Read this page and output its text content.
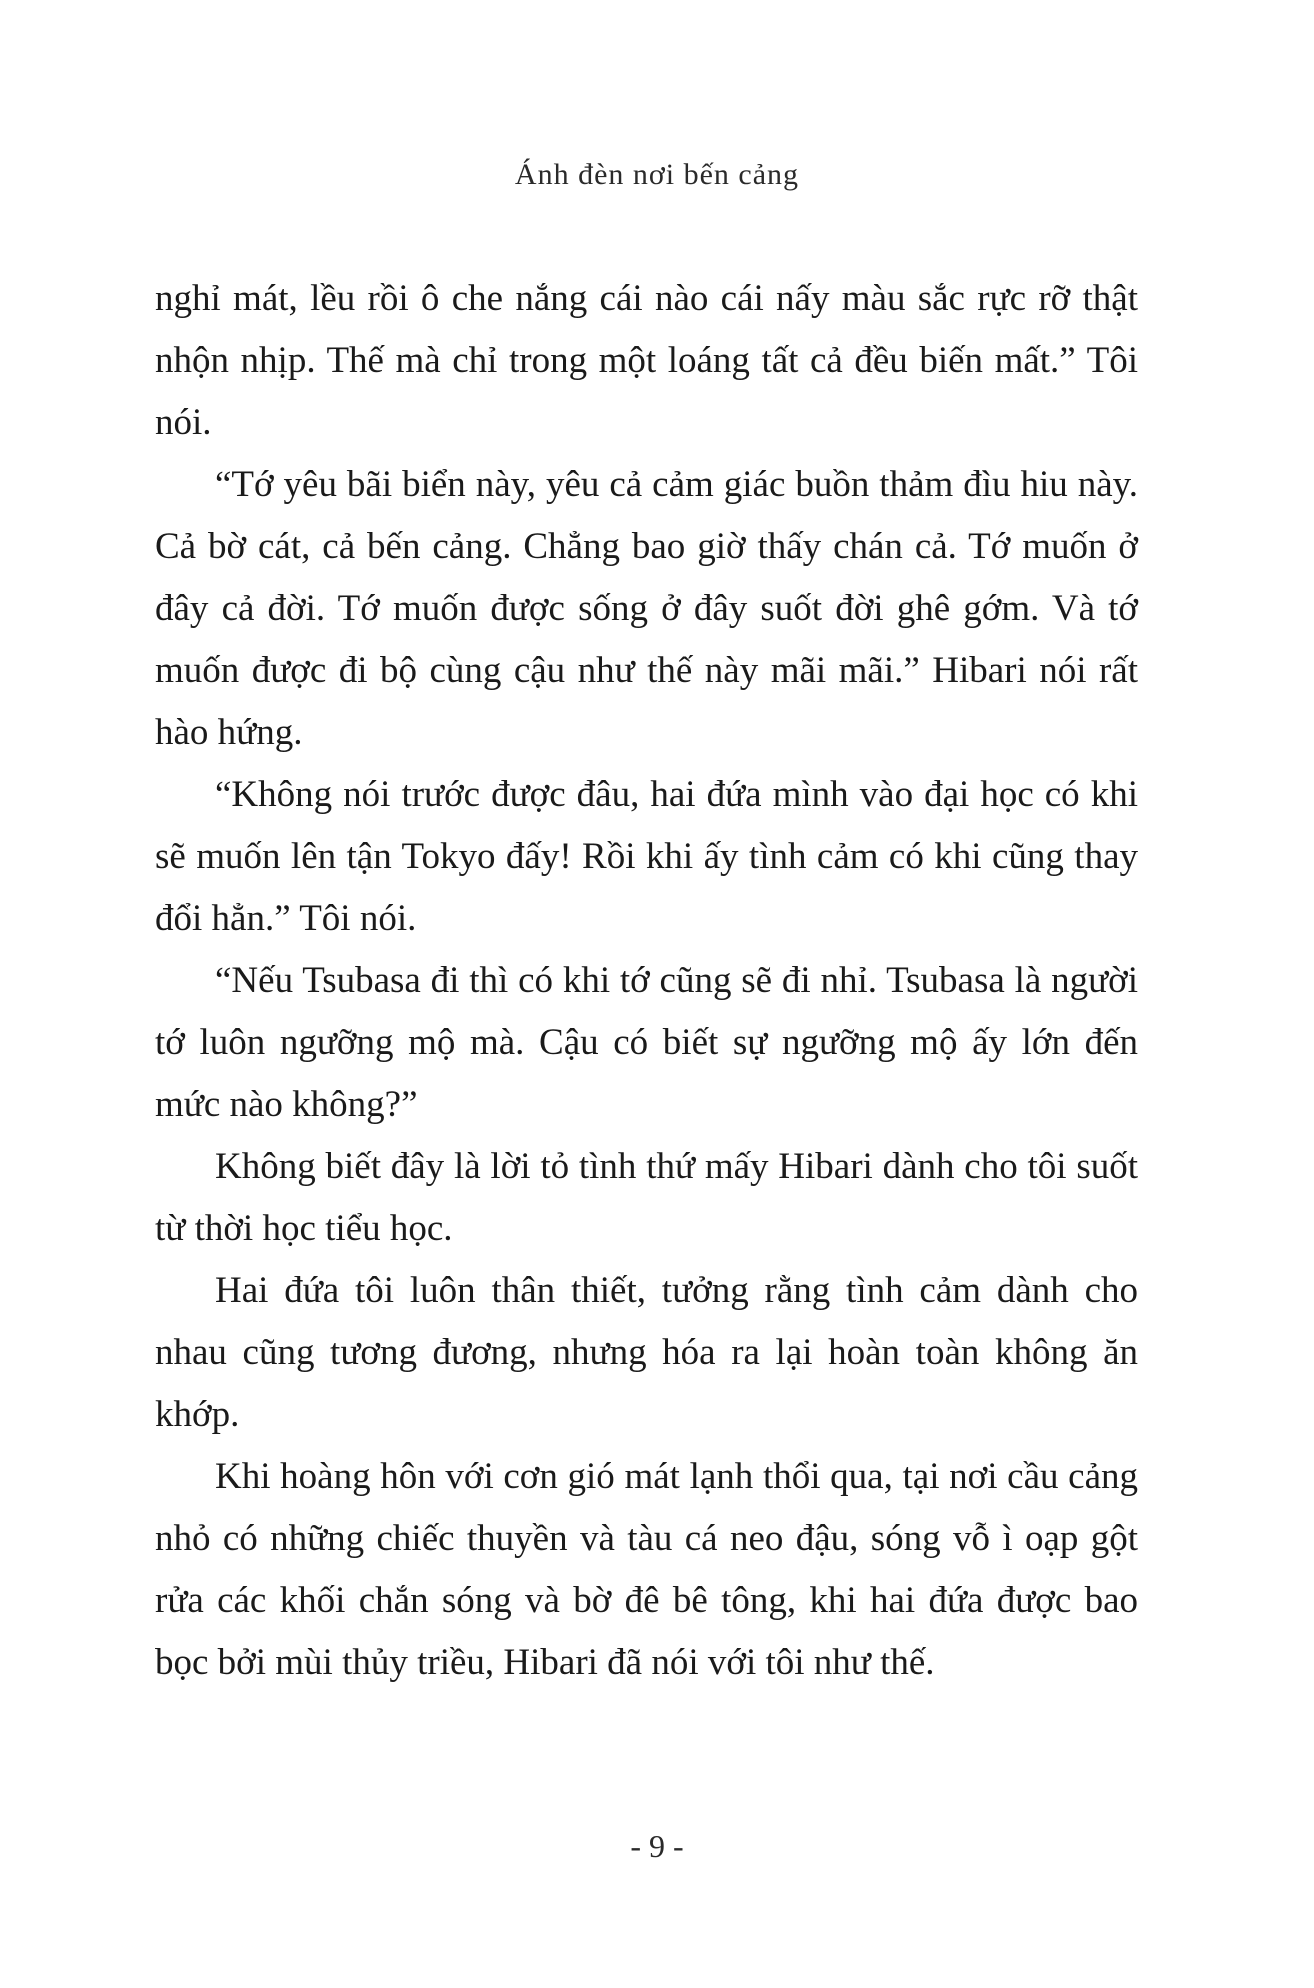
Ánh đèn nơi bến cảng

nghỉ mát, lều rồi ô che nắng cái nào cái nấy màu sắc rực rỡ thật nhộn nhịp. Thế mà chỉ trong một loáng tất cả đều biến mất.” Tôi nói.

“Tớ yêu bãi biển này, yêu cả cảm giác buồn thảm đìu hiu này. Cả bờ cát, cả bến cảng. Chẳng bao giờ thấy chán cả. Tớ muốn ở đây cả đời. Tớ muốn được sống ở đây suốt đời ghê gớm. Và tớ muốn được đi bộ cùng cậu như thế này mãi mãi.” Hibari nói rất hào hứng.

“Không nói trước được đâu, hai đứa mình vào đại học có khi sẽ muốn lên tận Tokyo đấy! Rồi khi ấy tình cảm có khi cũng thay đổi hẳn.” Tôi nói.

“Nếu Tsubasa đi thì có khi tớ cũng sẽ đi nhỉ. Tsubasa là người tớ luôn ngưỡng mộ mà. Cậu có biết sự ngưỡng mộ ấy lớn đến mức nào không?”

Không biết đây là lời tỏ tình thứ mấy Hibari dành cho tôi suốt từ thời học tiểu học.

Hai đứa tôi luôn thân thiết, tưởng rằng tình cảm dành cho nhau cũng tương đương, nhưng hóa ra lại hoàn toàn không ăn khớp.

Khi hoàng hôn với cơn gió mát lạnh thổi qua, tại nơi cầu cảng nhỏ có những chiếc thuyền và tàu cá neo đậu, sóng vỗ ì oạp gột rửa các khối chắn sóng và bờ đê bê tông, khi hai đứa được bao bọc bởi mùi thủy triều, Hibari đã nói với tôi như thế.

- 9 -
